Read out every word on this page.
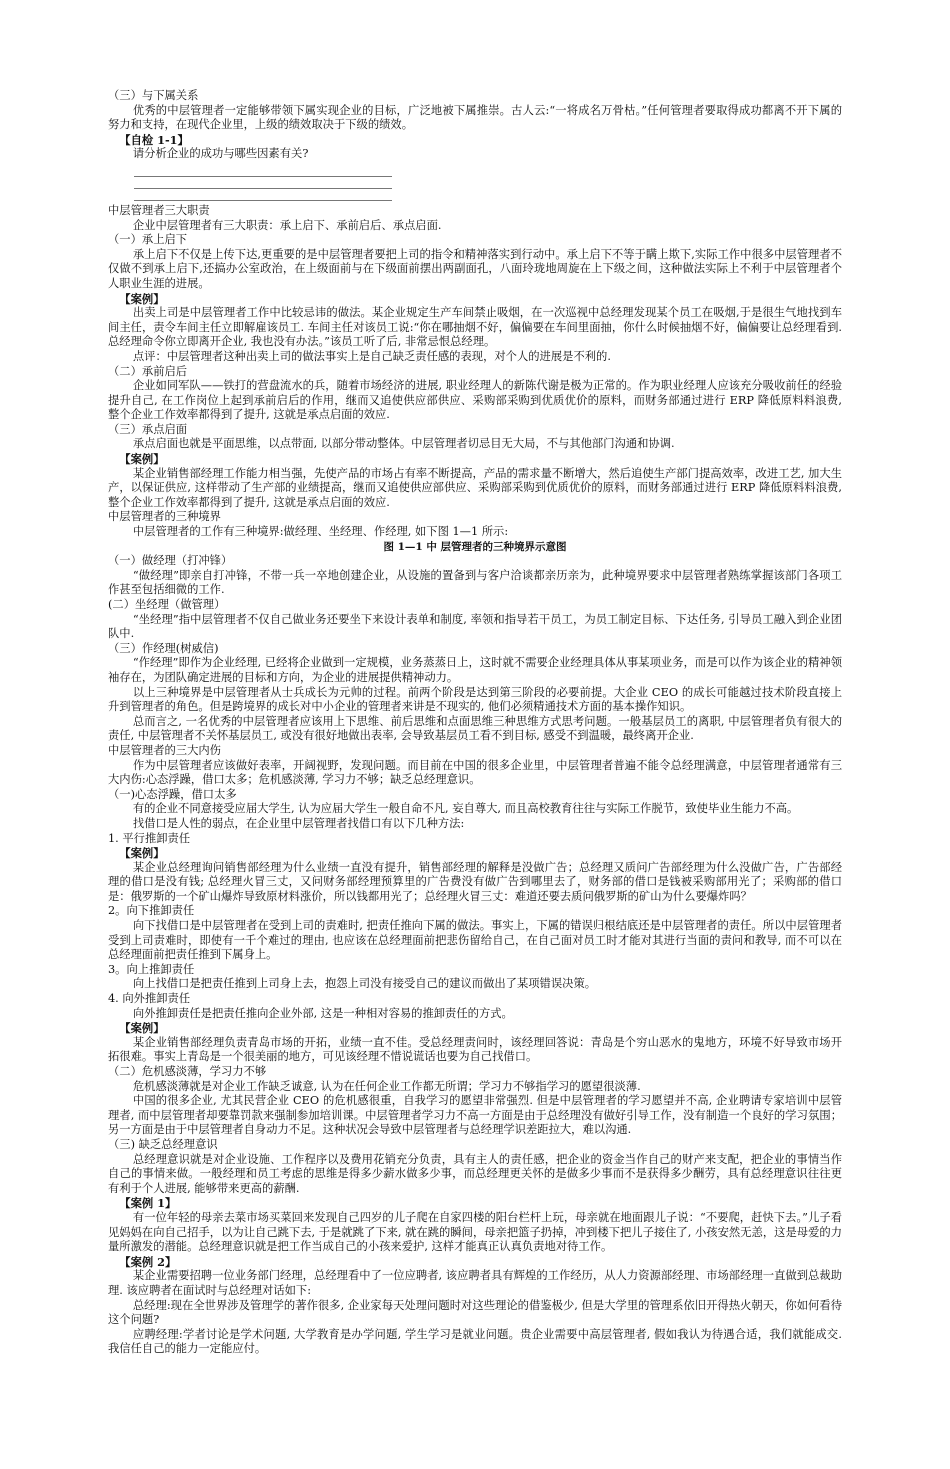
（三）与下属关系
优秀的中层管理者一定能够带领下属实现企业的目标，广泛地被下属推崇。古人云:“一将成名万骨枯。”任何管理者要取得成功都离不开下属的努力和支持，在现代企业里，上级的绩效取决于下级的绩效。
【自检 1-1】
请分析企业的成功与哪些因素有关?
中层管理者三大职责
企业中层管理者有三大职责：承上启下、承前启后、承点启面.
（一）承上启下
承上启下不仅是上传下达,更重要的是中层管理者要把上司的指令和精神落实到行动中。承上启下不等于瞒上欺下,实际工作中很多中层管理者不仅做不到承上启下,还搞办公室政治，在上级面前与在下级面前摆出两副面孔，八面玲珑地周旋在上下级之间，这种做法实际上不利于中层管理者个人职业生涯的进展。
【案例】
出卖上司是中层管理者工作中比较忌讳的做法。某企业规定生产车间禁止吸烟，在一次巡视中总经理发现某个员工在吸烟,于是很生气地找到车间主任，责令车间主任立即解雇该员工. 车间主任对该员工说:“你在哪抽烟不好，偏偏要在车间里面抽，你什么时候抽烟不好，偏偏要让总经理看到. 总经理命令你立即离开企业, 我也没有办法。”该员工听了后, 非常忌恨总经理。
点评：中层管理者这种出卖上司的做法事实上是自己缺乏责任感的表现，对个人的进展是不利的.
（二）承前启后
企业如同军队——铁打的营盘流水的兵，随着市场经济的进展, 职业经理人的新陈代谢是极为正常的。作为职业经理人应该充分吸收前任的经验提升自己, 在工作岗位上起到承前启后的作用，继而又追使供应部供应、采购部采购到优质优价的原料，而财务部通过进行 ERP 降低原料料浪费, 整个企业工作效率都得到了提升, 这就是承点启面的效应.
（三）承点启面
承点启面也就是平面思维，以点带面, 以部分带动整体。中层管理者切忌目无大局，不与其他部门沟通和协调.
【案例】
某企业销售部经理工作能力相当强，先使产品的市场占有率不断提高，产品的需求量不断增大，然后追使生产部门提高效率，改进工艺, 加大生产，以保证供应, 这样带动了生产部的业绩提高，继而又追使供应部供应、采购部采购到优质优价的原料，而财务部通过进行 ERP 降低原料料浪费, 整个企业工作效率都得到了提升, 这就是承点启面的效应.
中层管理者的三种境界
中层管理者的工作有三种境界:做经理、坐经理、作经理, 如下图 1—1 所示:
图 1—1 中 层管理者的三种境界示意图
（一）做经理（打冲锋）
“做经理”即亲自打冲锋，不带一兵一卒地创建企业，从设施的置备到与客户洽谈都亲历亲为，此种境界要求中层管理者熟练掌握该部门各项工作甚至包括细微的工作.
(二）坐经理（做管理）
“坐经理”指中层管理者不仅自己做业务还要坐下来设计表单和制度, 率领和指导若干员工，为员工制定目标、下达任务, 引导员工融入到企业团队中.
（三）作经理(树威信)
“作经理”即作为企业经理, 已经将企业做到一定规模，业务蒸蒸日上，这时就不需要企业经理具体从事某项业务，而是可以作为该企业的精神领袖存在，为团队确定进展的目标和方向，为企业的进展提供精神动力。
以上三种境界是中层管理者从士兵成长为元帅的过程。前两个阶段是达到第三阶段的必要前提。大企业 CEO 的成长可能越过技术阶段直接上升到管理者的角色。但是跨境界的成长对中小企业的管理者来讲是不现实的, 他们必须精通技术方面的基本操作知识。
总而言之, 一名优秀的中层管理者应该用上下思维、前后思维和点面思维三种思维方式思考问题。一般基层员工的离职, 中层管理者负有很大的责任, 中层管理者不关怀基层员工, 或没有很好地做出表率, 会导致基层员工看不到目标, 感受不到温暖，最终离开企业.
中层管理者的三大内伤
作为中层管理者应该做好表率，开阔视野，发现问题。而目前在中国的很多企业里，中层管理者普遍不能令总经理满意，中层管理者通常有三大内伤:心态浮躁，借口太多；危机感淡薄, 学习力不够；缺乏总经理意识。
（一)心态浮躁，借口太多
有的企业不同意接受应届大学生, 认为应届大学生一般自命不凡, 妄自尊大, 而且高校教育往往与实际工作脱节，致使毕业生能力不高。
找借口是人性的弱点，在企业里中层管理者找借口有以下几种方法:
1. 平行推卸责任
【案例】
某企业总经理询问销售部经理为什么业绩一直没有提升，销售部经理的解释是没做广告；总经理又质问广告部经理为什么没做广告，广告部经理的借口是没有钱; 总经理火冒三丈，又问财务部经理预算里的广告费没有做广告到哪里去了，财务部的借口是钱被采购部用光了；采购部的借口是：俄罗斯的一个矿山爆炸导致原材料涨价，所以钱都用光了；总经理火冒三丈：难道还要去质问俄罗斯的矿山为什么要爆炸吗？
2。向下推卸责任
向下找借口是中层管理者在受到上司的责难时, 把责任推向下属的做法。事实上，下属的错误归根结底还是中层管理者的责任。所以中层管理者受到上司责难时，即使有一千个难过的理由, 也应该在总经理面前把悲伤留给自己，在自己面对员工时才能对其进行当面的责问和教导, 而不可以在总经理面前把责任推到下属身上。
3。向上推卸责任
向上找借口是把责任推到上司身上去，抱怨上司没有接受自己的建议而做出了某项错误决策。
4. 向外推卸责任
向外推卸责任是把责任推向企业外部, 这是一种相对容易的推卸责任的方式。
【案例】
某企业销售部经理负责青岛市场的开拓，业绩一直不佳。受总经理责问时，该经理回答说：青岛是个穷山恶水的鬼地方，环境不好导致市场开拓很难。事实上青岛是一个很美丽的地方，可见该经理不惜说谎话也要为自己找借口。
（二）危机感淡薄，学习力不够
危机感淡薄就是对企业工作缺乏诚意, 认为在任何企业工作都无所谓；学习力不够指学习的愿望很淡薄.
中国的很多企业, 尤其民营企业 CEO 的危机感很重，自我学习的愿望非常强烈. 但是中层管理者的学习愿望并不高, 企业聘请专家培训中层管理者, 而中层管理者却要靠罚款来强制参加培训课。中层管理者学习力不高一方面是由于总经理没有做好引导工作，没有制造一个良好的学习氛围；另一方面是由于中层管理者自身动力不足。这种状况会导致中层管理者与总经理学识差距拉大，难以沟通.
（三) 缺乏总经理意识
总经理意识就是对企业设施、工作程序以及费用花销充分负责，具有主人的责任感，把企业的资金当作自己的财产来支配，把企业的事情当作自己的事情来做。一般经理和员工考虑的思维是得多少薪水做多少事，而总经理更关怀的是做多少事而不是获得多少酬劳，具有总经理意识往往更有利于个人进展, 能够带来更高的薪酬.
【案例 1】
有一位年轻的母亲去菜市场买菜回来发现自己四岁的儿子爬在自家四楼的阳台栏杆上玩，母亲就在地面跟儿子说：“不要爬，赶快下去。”儿子看见妈妈在向自己招手，以为让自己跳下去, 于是就跳了下来, 就在跳的瞬间，母亲把篮子扔掉，冲到楼下把儿子接住了, 小孩安然无恙，这是母爱的力量所激发的潜能。总经理意识就是把工作当成自己的小孩来爱护, 这样才能真正认真负责地对待工作。
【案例 2】
某企业需要招聘一位业务部门经理，总经理看中了一位应聘者, 该应聘者具有辉煌的工作经历，从人力资源部经理、市场部经理一直做到总裁助理. 该应聘者在面试时与总经理对话如下:
总经理:现在全世界涉及管理学的著作很多, 企业家每天处理问题时对这些理论的借鉴极少, 但是大学里的管理系依旧开得热火朝天，你如何看待这个问题?
应聘经理:学者讨论是学术问题, 大学教育是办学问题, 学生学习是就业问题。贵企业需要中高层管理者, 假如我认为待遇合适，我们就能成交. 我信任自己的能力一定能应付。
